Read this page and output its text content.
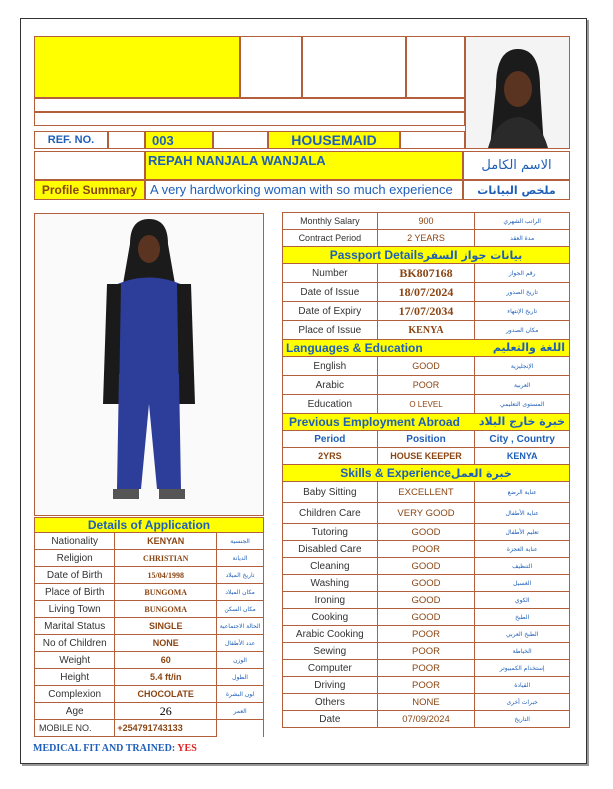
REF. NO.	003	HOUSEMAID
REPAH NANJALA WANJALA	الاسم الكامل
Profile Summary A very hardworking woman with so much experience	ملخص البيانات
Details of Application		
Nationality	KENYAN	الجنسية
Religion	CHRISTIAN	الديانة
Date of Birth	15/04/1998	تاريخ الميلاد
Place of Birth	BUNGOMA	مكان الميلاد
Living Town	BUNGOMA	مكان السكن
Marital Status	SINGLE	الحالة الاجتماعية
No of Children	NONE	عدد الأطفال
Weight	60	الوزن
Height	5.4 ft/in	الطول
Complexion	CHOCOLATE	لون البشرة
Age	26	العمر
MOBILE NO.	+254791743133	
Monthly Salary	900	الراتب الشهري
Contract Period	2 YEARS	مدة العقد
Passport Detailsبيانات جواز السفر		
Number	BK807168	رقم الجواز
Date of Issue	18/07/2024	تاريخ الصدور
Date of Expiry	17/07/2034	تاريخ الإنتهاء
Place of Issue	KENYA	مكان الصدور
Languages & Education اللغة والتعليم		

English	GOOD	الإنجليزية
Arabic	POOR	العربية
Education	O LEVEL	المستوى التعليمي
Previous Employment Abroad خبرة خارج البلاد		

Period	Position	City , Country
2YRS	HOUSE KEEPER	KENYA
Skills & Experienceخبرة العمل		
Baby Sitting	EXCELLENT	عناية الرضع
Children Care	VERY GOOD	عناية الأطفال
Tutoring	GOOD	تعليم الأطفال
Disabled Care	POOR	عناية العجزة
Cleaning	GOOD	التنظيف
Washing	GOOD	الغسيل
Ironing	GOOD	الكوي
Cooking	GOOD	الطبخ
Arabic Cooking	POOR	الطبخ العربي
Sewing	POOR	الخياطة
Computer	POOR	إستخدام الكمبيوتر
Driving	POOR	القيادة
Others	NONE	خبرات أخرى
Date	07/09/2024	التاريخ
MEDICAL FIT AND TRAINED: YES
